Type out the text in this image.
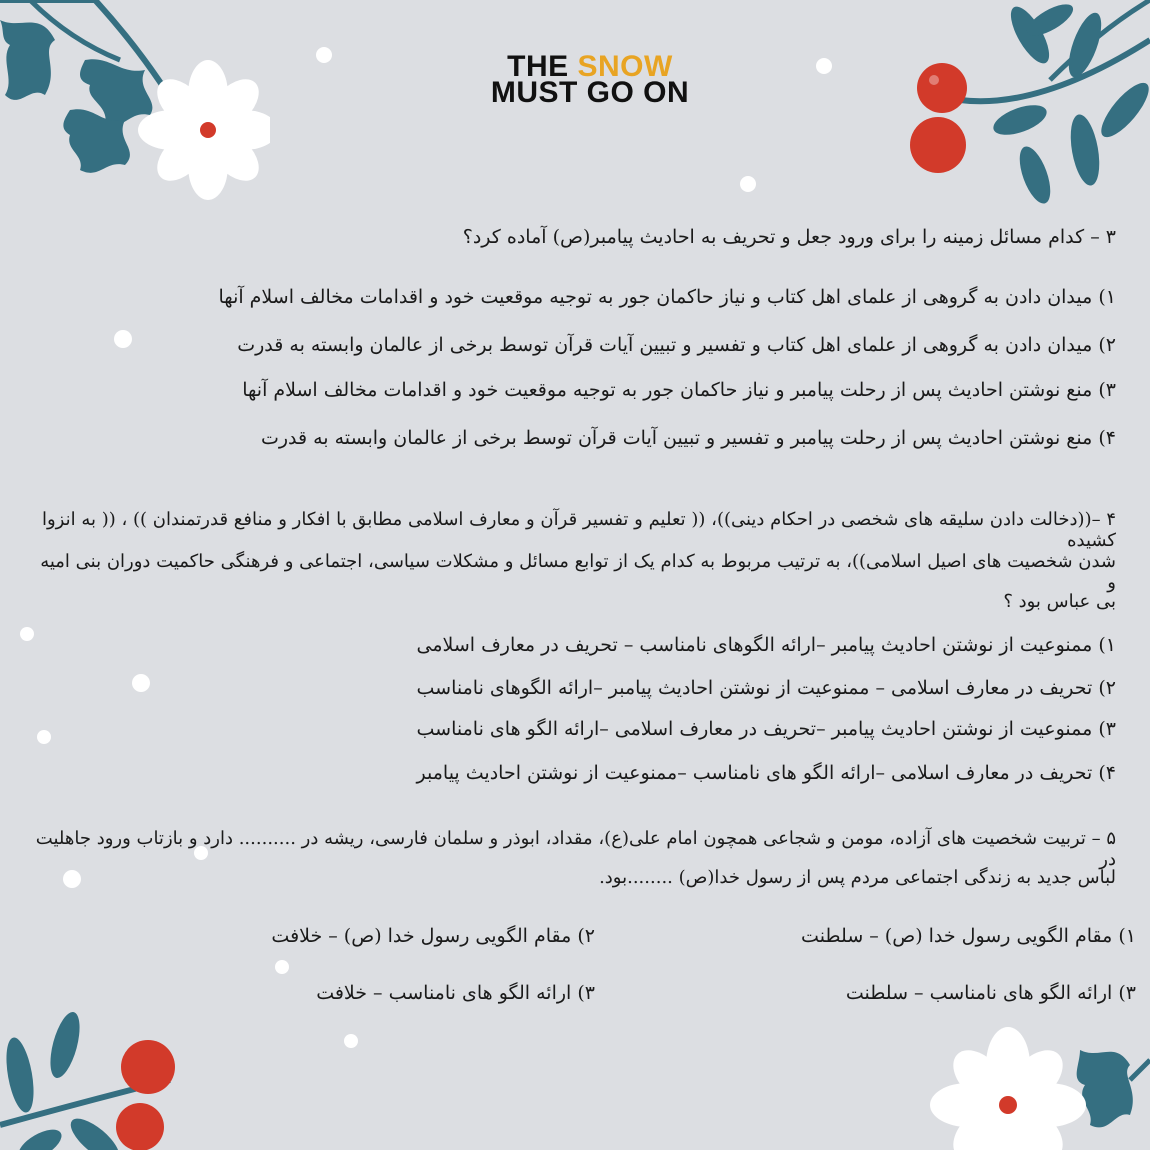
THE SNOW
MUST GO ON
۳ – کدام مسائل زمینه را برای ورود جعل و تحریف به احادیث پیامبر(ص) آماده کرد؟
۱) میدان دادن به گروهی از علمای اهل کتاب و نیاز حاکمان جور به توجیه موقعیت خود و اقدامات مخالف اسلام آنها
۲) میدان دادن به گروهی از علمای اهل کتاب و تفسیر و تبیین آیات قرآن توسط برخی از عالمان وابسته به قدرت
۳) منع نوشتن احادیث پس از رحلت پیامبر و نیاز حاکمان جور به توجیه موقعیت خود و اقدامات مخالف اسلام آنها
۴) منع نوشتن احادیث پس از رحلت پیامبر و تفسیر و تبیین آیات قرآن توسط برخی از عالمان وابسته به قدرت
۴ –((دخالت دادن سلیقه های شخصی در احکام دینی))، (( تعلیم و تفسیر قرآن و معارف اسلامی مطابق با افکار و منافع قدرتمندان )) ، (( به انزوا کشیده
شدن شخصیت های اصیل اسلامی))، به ترتیب مربوط به کدام یک از توابع مسائل و مشکلات سیاسی، اجتماعی و فرهنگی حاکمیت دوران بنی امیه و
بی عباس بود ؟
۱) ممنوعیت از نوشتن احادیث پیامبر –ارائه الگوهای نامناسب – تحریف در معارف اسلامی
۲) تحریف در معارف اسلامی – ممنوعیت از نوشتن احادیث پیامبر –ارائه الگوهای نامناسب
۳) ممنوعیت از نوشتن احادیث پیامبر –تحریف در معارف اسلامی –ارائه الگو های نامناسب
۴) تحریف در معارف اسلامی –ارائه الگو های نامناسب –ممنوعیت از نوشتن احادیث پیامبر
۵ – تربیت شخصیت های آزاده، مومن و شجاعی همچون امام علی(ع)، مقداد، ابوذر و سلمان فارسی، ریشه در .......... دارد و بازتاب ورود جاهلیت در
لباس جدید به زندگی اجتماعی مردم پس از رسول خدا(ص) ........بود.
۱) مقام الگویی رسول خدا (ص) – سلطنت
۲) مقام الگویی رسول خدا (ص) – خلافت
۳) ارائه الگو های نامناسب – سلطنت
۳) ارائه الگو های نامناسب – خلافت
